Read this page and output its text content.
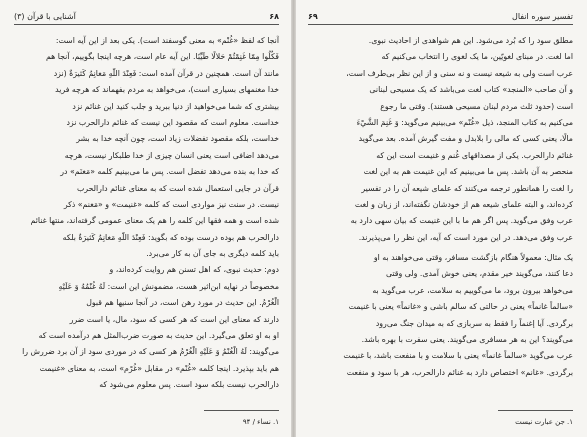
۶۸
آشنایی با قرآن (۳)
آنجا که لفظ «غُنْم» به معنی گوسفند است). یکی بعد از این آیه است:
فَكُلُوا مِمّا غَنِمْتُمْ حَلالًا طَيِّبًا. این آیه عام است، هرچه اینجا بگوییم، آنجا هم
مانند آن است. همچنین در قرآن آمده است: فَعِنْدَ اللّهِ مَغانِمُ كَثيرَةٌ (نزد
خدا مغنمهای بسیاری است)، می‌خواهد به مردم بفهماند که هرچه فرید
بیشتری که شما می‌خواهید از دنیا ببرید و جلب کنید این غنائم نزد
خداست. معلوم است که مقصود این نیست که غنائم دارالحرب نزد
خداست، بلکه مقصود تفضلات زیاد است، چون آنچه خدا به بشر
می‌دهد اضافی است یعنی انسان چیزی از خدا طلبکار نیست، هرچه
که خدا به بنده می‌دهد تفضل است. پس ما می‌بینیم کلمه «مَغنَم» در
قرآن در جایی استعمال شده است که به معنای غنائم دارالحرب
نیست. در سنت نیز مواردی است که کلمه «غنیمت» و «مَغنم» ذکر
شده است و همه فقها این کلمه را هم یک معنای عمومی گرفته‌اند، منتها غنائم
دارالحرب هم بوده درست بوده که بگوید: فَعِنْدَ اللّهِ مَغانِمُ كَثيرَةٌ بلکه
باید کلمه دیگری به جای آن به کار می‌برد.
دوم: حدیث نبوی، که اهل تسنن هم روایت کرده‌اند، و
مخصوصاً در نهایه ابن‌اثیر هست، مضمونش این است: لَهُ غُنْمُهُ وَ عَلَيْهِ
الْغُرْمُ. این حدیث در مورد رهن است، در آنجا سنیها هم قبول
دارند که معنای این است که هر کسی که سود، مال، یا است ضرر
او به او تعلق می‌گیرد. این حدیث به صورت ضرب‌المثل هم درآمده است که
می‌گویند: لَهُ الْغُنْمُ وَ عَلَيْهِ الْغُرْمُ هر کسی که در موردی سود از آن برد ضررش را
هم باید بپذیرد. اینجا کلمه «غُنْم» در مقابل «غُرْم» است، به معنای «غنیمت
دارالحرب نیست بلکه سود است. پس معلوم می‌شود که
۱. نساء / ۹۴
تفسیر سوره انفال
۶۹
مطلق سود را که بُرد می‌شود. این هم شواهدی از احادیث نبوی.
اما لغت. در مبنای لغویّین، ما یک لغوی را انتخاب می‌کنیم که
عرب است ولی به شیعه نیست و نه سنی و از این نظر بی‌طرف است،
و آن صاحب «المنجد» کتاب لغت می‌باشد که یک مسیحی لبنانی
است (حدود ثلث مردم لبنان مسیحی هستند). وقتی ما رجوع
می‌کنیم به کتاب المنجد، ذیل «غُنْم» می‌بینیم می‌گوید: وَ غَنِمَ الشَّيْءَ
مالًا، یعنی کسی که مالی را بلابدل و مفت گیرش آمده. بعد می‌گوید
غنائم دارالحرب. یکی از مصداقهای غُنم و غنیمت است این که
منحصر به آن باشد. پس ما می‌بینیم که این غنیمت هم به این لغت
را لغت را همانطور ترجمه می‌کنند که علمای شیعه آن را در تفسیر
کرده‌اند، و البته علمای شیعه هم از خودشان نگفته‌اند، از زبان و لغت
عرب وفق می‌گوید. پس اگر هم ما با این غنیمت که بیان سهی دارد به
عرب وفق می‌دهد. در این مورد است که آیه، این نظر را می‌پذیرند.
یک مثال: معمولاً هنگام بازگشت مسافر، وقتی می‌خواهند به او
دعا کنند، می‌گویند خیر مقدم، یعنی خوش آمدی. ولی وقتی
می‌خواهد بیرون برود، ما می‌گوییم به سلامت، عرب می‌گوید به
«سالماً غانماً» یعنی در حالتی که سالم باشی و «غانماً» یعنی با غنیمت
برگردی. آیا إغنماً را فقط به سربازی که به میدان جنگ می‌رود
می‌گویند؟ این به هر مسافری می‌گویند. یعنی سفرت با بهره باشد.
عرب می‌گوید «سالماً غانماً» یعنی با سلامت و با منفعت باشد، با غنیمت
برگردی. «غانم» اختصاص دارد به غنائم دارالحرب، هر با سود و منفعت
۱. جن عبارت نیست
